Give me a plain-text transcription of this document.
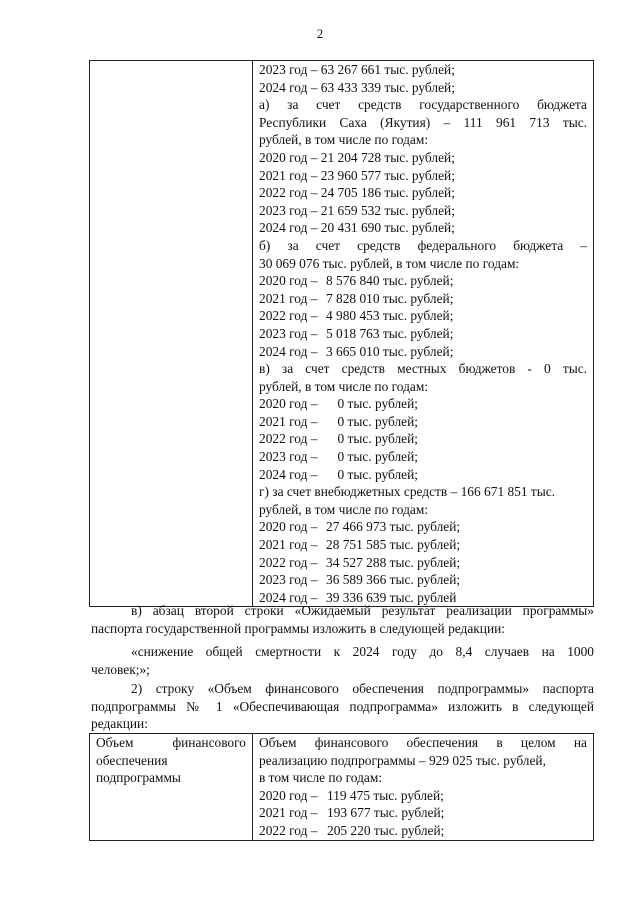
2

2023 год – 63 267 661 тыс. рублей;
2024 год – 63 433 339 тыс. рублей;
а) за счет средств государственного бюджета
Республики Саха (Якутия) – 111 961 713 тыс.
рублей, в том числе по годам:
2020 год – 21 204 728 тыс. рублей;
2021 год – 23 960 577 тыс. рублей;
2022 год – 24 705 186 тыс. рублей;
2023 год – 21 659 532 тыс. рублей;
2024 год – 20 431 690 тыс. рублей;
б) за счет средств федерального бюджета –
30 069 076 тыс. рублей, в том числе по годам:
2020 год – 8 576 840 тыс. рублей;
2021 год – 7 828 010 тыс. рублей;
2022 год – 4 980 453 тыс. рублей;
2023 год – 5 018 763 тыс. рублей;
2024 год – 3 665 010 тыс. рублей;
в) за счет средств местных бюджетов - 0 тыс.
рублей, в том числе по годам:
2020 год – 0 тыс. рублей;
2021 год – 0 тыс. рублей;
2022 год – 0 тыс. рублей;
2023 год – 0 тыс. рублей;
2024 год – 0 тыс. рублей;
г) за счет внебюджетных средств – 166 671 851 тыс.
рублей, в том числе по годам:
2020 год – 27 466 973 тыс. рублей;
2021 год – 28 751 585 тыс. рублей;
2022 год – 34 527 288 тыс. рублей;
2023 год – 36 589 366 тыс. рублей;
2024 год – 39 336 639 тыс. рублей
в) абзац второй строки «Ожидаемый результат реализации программы»
паспорта государственной программы изложить в следующей редакции:
«снижение общей смертности к 2024 году до 8,4 случаев на 1000
человек;»;
2) строку «Объем финансового обеспечения подпрограммы» паспорта
подпрограммы № 1 «Обеспечивающая подпрограмма» изложить в следующей
редакции:
Объем финансового
обеспечения
подпрограммы

Объем финансового обеспечения в целом на
реализацию подпрограммы – 929 025 тыс. рублей,
в том числе по годам:
2020 год – 119 475 тыс. рублей;
2021 год – 193 677 тыс. рублей;
2022 год – 205 220 тыс. рублей;
